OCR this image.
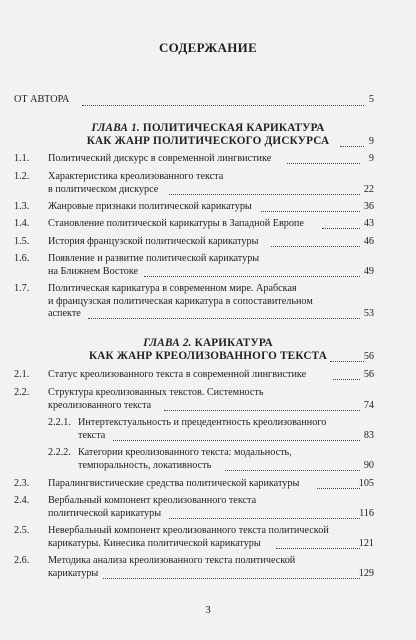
· · ·
СОДЕРЖАНИЕ
ОТ АВТОРА	5
ГЛАВА 1. ПОЛИТИЧЕСКАЯ КАРИКАТУРА
КАК ЖАНР ПОЛИТИЧЕСКОГО ДИСКУРСА	9
1.1. Политический дискурс в современной лингвистике	9
1.2. Характеристика креолизованного текста
в политическом дискурсе	22
1.3. Жанровые признаки политической карикатуры	36
1.4. Становление политической карикатуры в Западной Европе	43
1.5. История французской политической карикатуры	46
1.6. Появление и развитие политической карикатуры
на Ближнем Востоке	49
1.7. Политическая карикатура в современном мире. Арабская
и французская политическая карикатура в сопоставительном
аспекте	53
ГЛАВА 2. КАРИКАТУРА
КАК ЖАНР КРЕОЛИЗОВАННОГО ТЕКСТА	56
2.1. Статус креолизованного текста в современной лингвистике	56
2.2. Структура креолизованных текстов. Системность
креолизованного текста	74
2.2.1. Интертекстуальность и прецедентность креолизованного
текста	83
2.2.2. Категории креолизованного текста: модальность,
темпоральность, локативность	90
2.3. Паралингвистические средства политической карикатуры	105
2.4. Вербальный компонент креолизованного текста
политической карикатуры	116
2.5. Невербальный компонент креолизованного текста политической
карикатуры. Кинесика политической карикатуры	121
2.6. Методика анализа креолизованного текста политической
карикатуры	129
3
